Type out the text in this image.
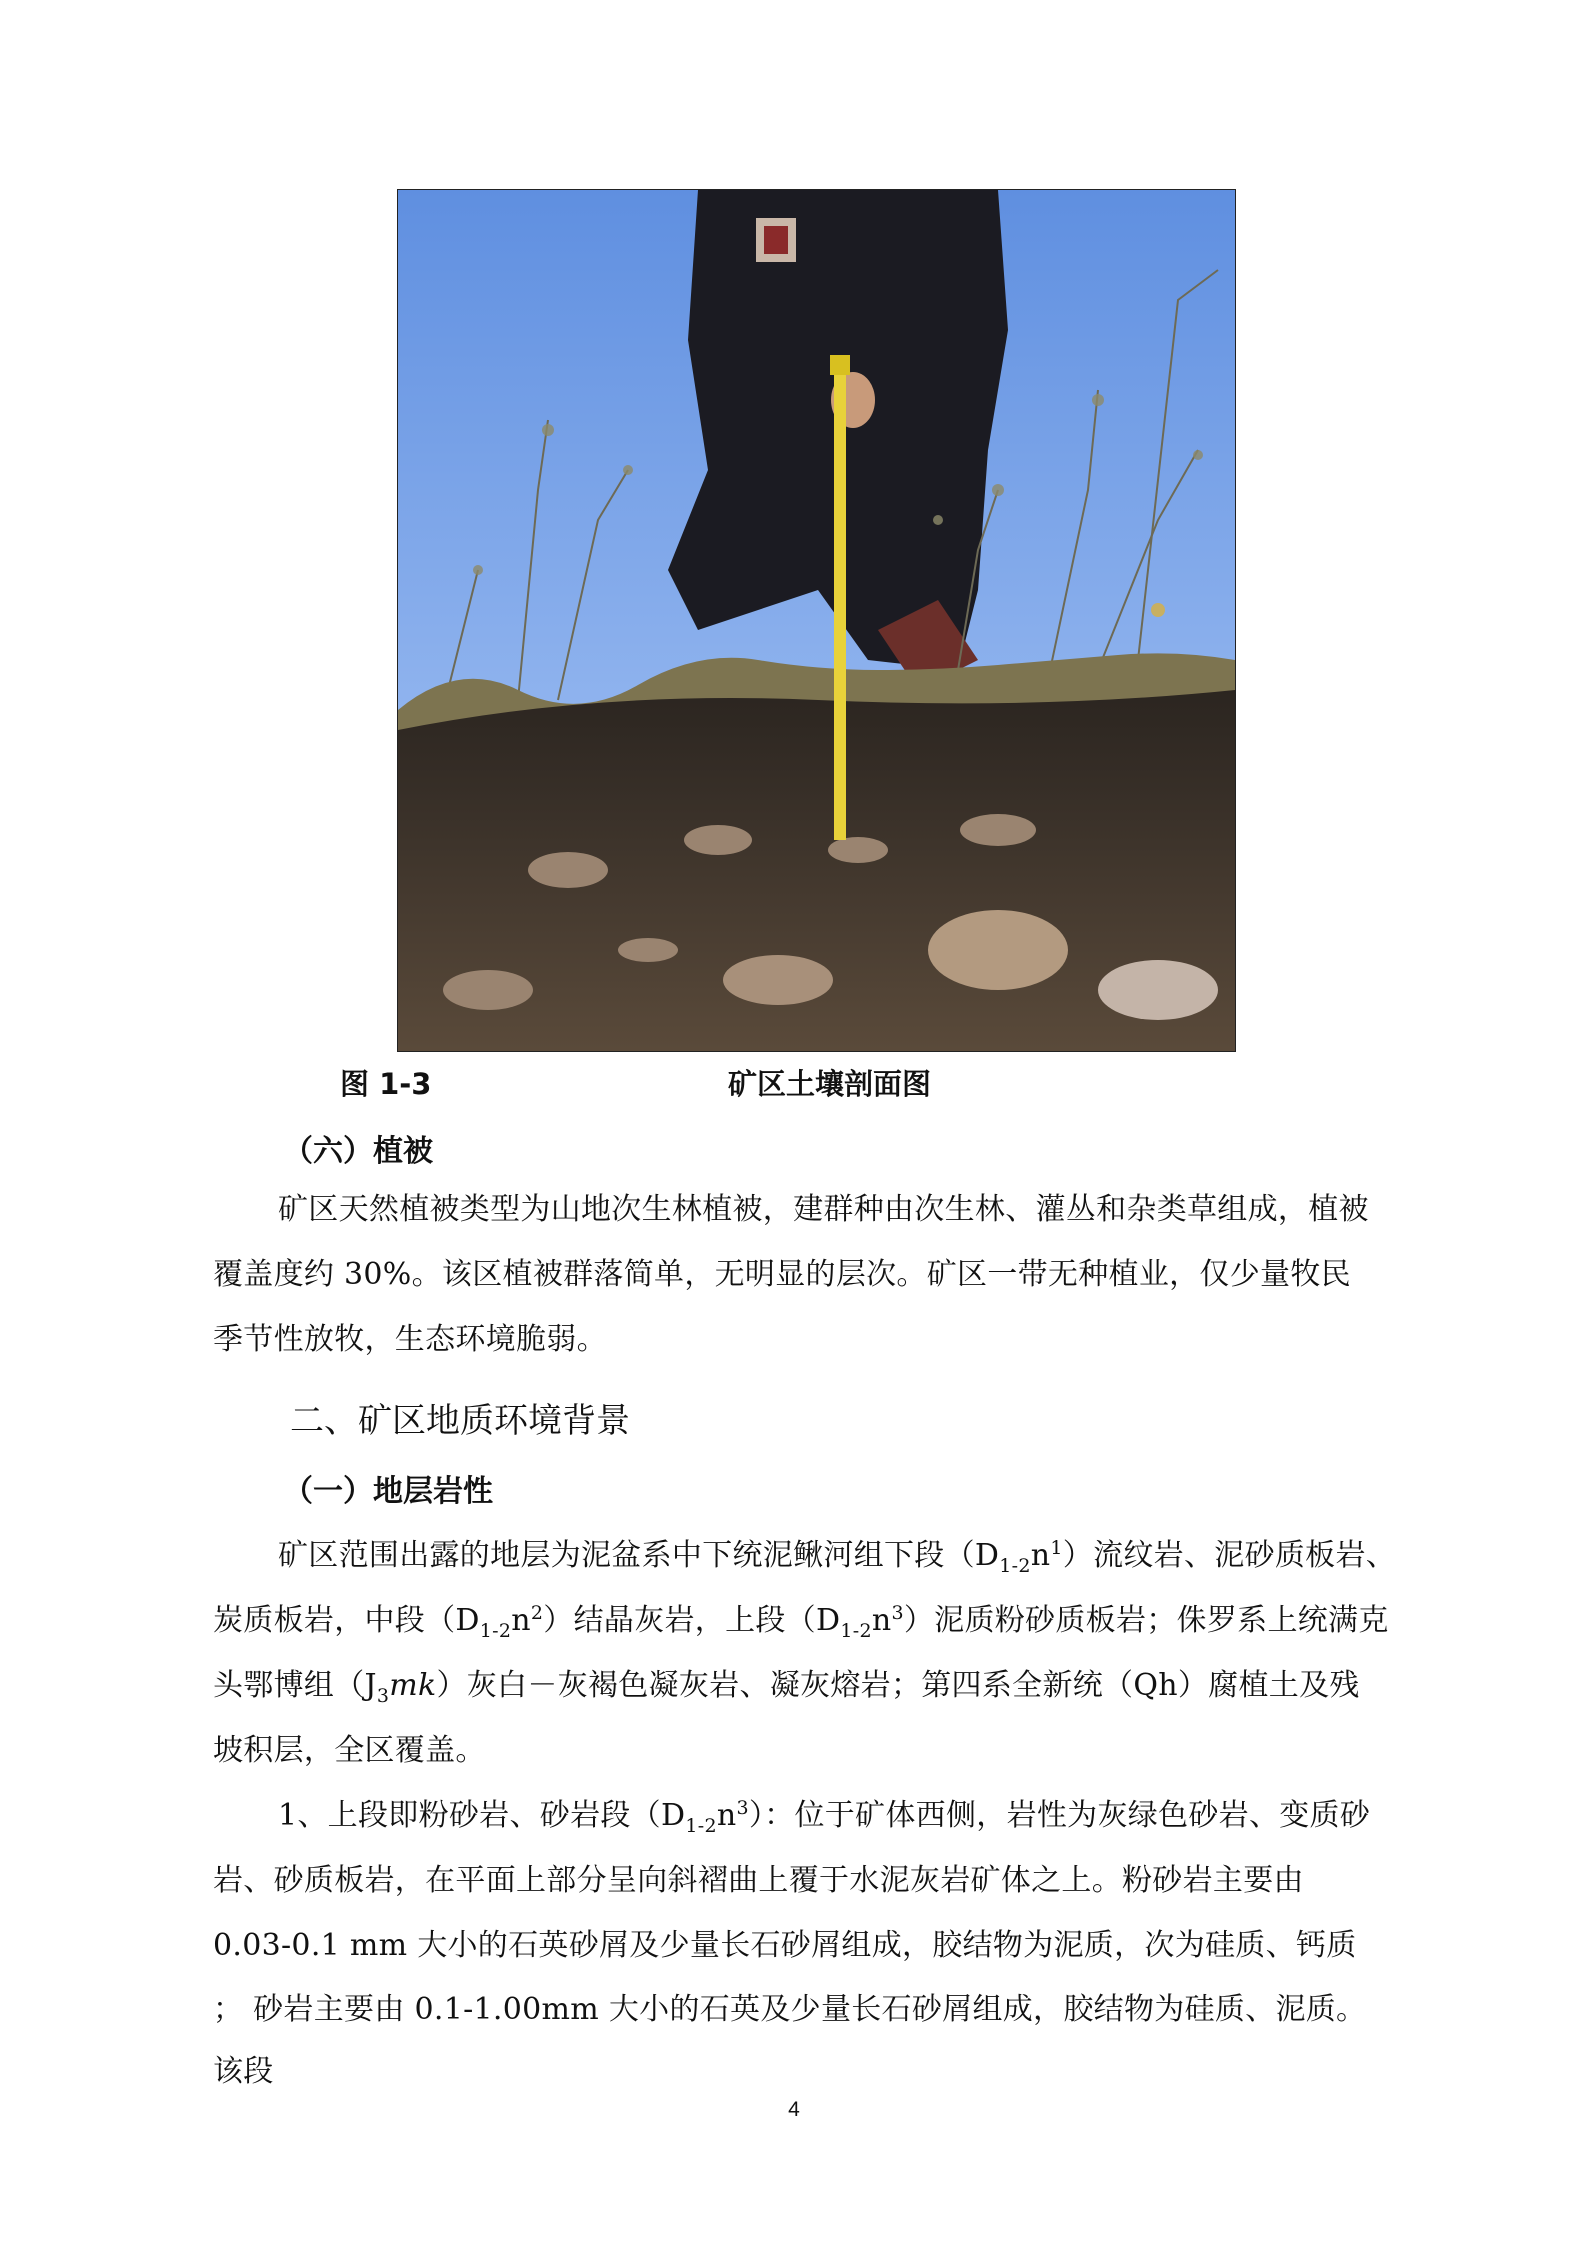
图 1-3	矿区土壤剖面图
（六）植被
矿区天然植被类型为山地次生林植被，建群种由次生林、灌丛和杂类草组成，植被
覆盖度约 30%。该区植被群落简单，无明显的层次。矿区一带无种植业，仅少量牧民
季节性放牧，生态环境脆弱。
二、矿区地质环境背景
（一）地层岩性
矿区范围出露的地层为泥盆系中下统泥鳅河组下段$(D_{1-2}n^1)$流纹岩、泥砂质板岩、
炭质板岩，中段$(D_{1-2}n^2)$结晶灰岩，上段$(D_{1-2}n^3)$泥质粉砂质板岩；侏罗系上统满克
头鄂博组$(J_3mk)$灰白－灰褐色凝灰岩、凝灰熔岩；第四系全新统（Qh）腐植土及残
坡积层，全区覆盖。
1、上段即粉砂岩、砂岩段$(D_{1-2}n^3)$：位于矿体西侧，岩性为灰绿色砂岩、变质砂
岩、砂质板岩，在平面上部分呈向斜褶曲上覆于水泥灰岩矿体之上。粉砂岩主要由
0.03-0.1 mm 大小的石英砂屑及少量长石砂屑组成，胶结物为泥质，次为硅质、钙质
； 砂岩主要由 0.1-1.00mm 大小的石英及少量长石砂屑组成，胶结物为硅质、泥质。
该段
4
